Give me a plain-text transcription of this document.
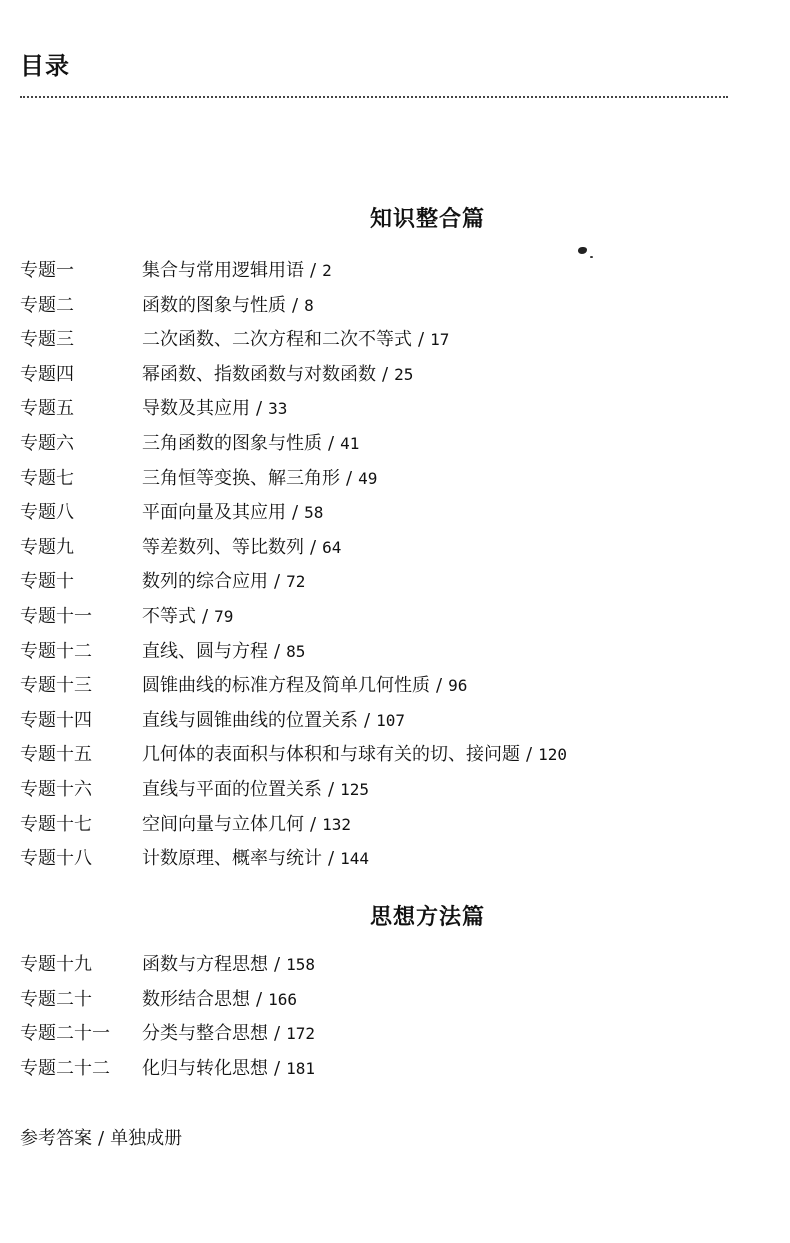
目录
知识整合篇
专题一	集合与常用逻辑用语 / 2
专题二	函数的图象与性质 / 8
专题三	二次函数、二次方程和二次不等式 / 17
专题四	幂函数、指数函数与对数函数 / 25
专题五	导数及其应用 / 33
专题六	三角函数的图象与性质 / 41
专题七	三角恒等变换、解三角形 / 49
专题八	平面向量及其应用 / 58
专题九	等差数列、等比数列 / 64
专题十	数列的综合应用 / 72
专题十一	不等式 / 79
专题十二	直线、圆与方程 / 85
专题十三	圆锥曲线的标准方程及简单几何性质 / 96
专题十四	直线与圆锥曲线的位置关系 / 107
专题十五	几何体的表面积与体积和与球有关的切、接问题 / 120
专题十六	直线与平面的位置关系 / 125
专题十七	空间向量与立体几何 / 132
专题十八	计数原理、概率与统计 / 144
思想方法篇
专题十九	函数与方程思想 / 158
专题二十	数形结合思想 / 166
专题二十一	分类与整合思想 / 172
专题二十二	化归与转化思想 / 181
参考答案 / 单独成册
